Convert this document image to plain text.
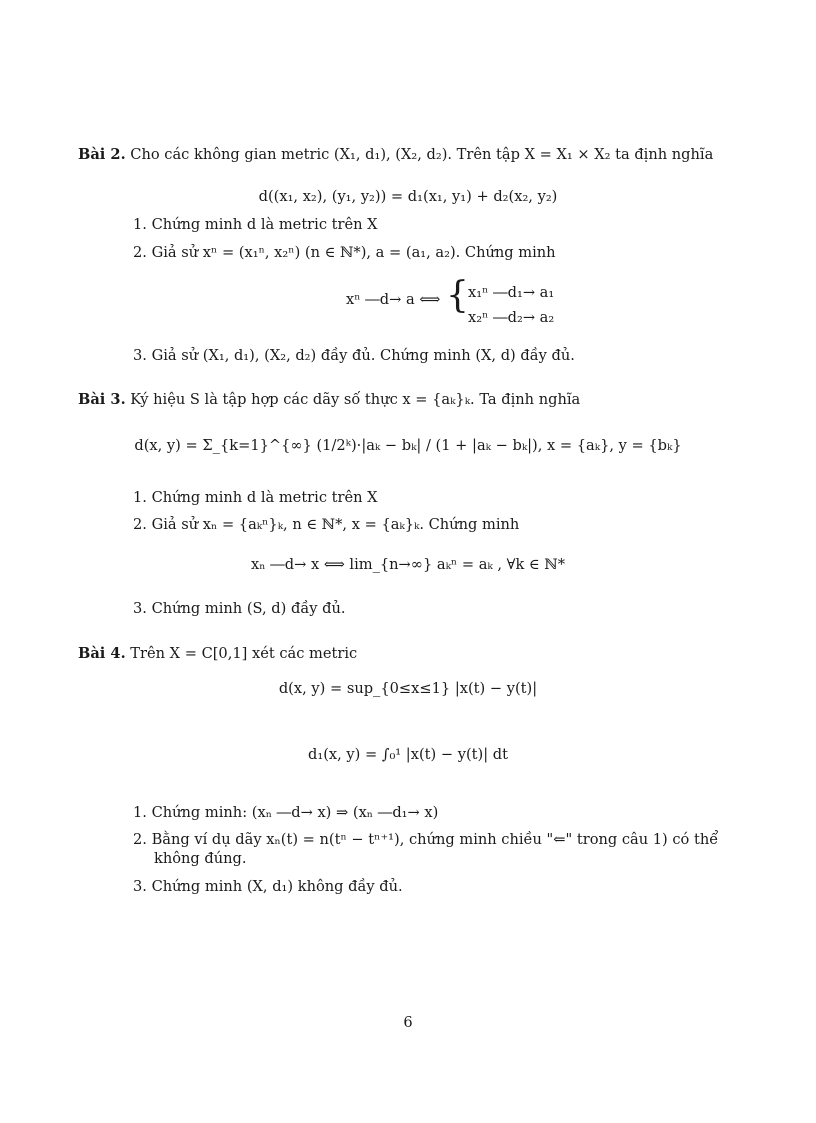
Bài 2. Cho các không gian metric (X₁, d₁), (X₂, d₂). Trên tập X = X₁ × X₂ ta định nghĩa
d((x₁, x₂), (y₁, y₂)) = d₁(x₁, y₁) + d₂(x₂, y₂)
1. Chứng minh d là metric trên X
2. Giả sử xⁿ = (x₁ⁿ, x₂ⁿ) (n ∈ ℕ*), a = (a₁, a₂). Chứng minh
xⁿ ―d→ a ⟺ { x₁ⁿ ―d₁→ a₁
x₂ⁿ ―d₂→ a₂
3. Giả sử (X₁, d₁), (X₂, d₂) đầy đủ. Chứng minh (X, d) đầy đủ.
Bài 3. Ký hiệu S là tập hợp các dãy số thực x = {aₖ}ₖ. Ta định nghĩa
d(x, y) = Σ_{k=1}^{∞} (1/2ᵏ)·|aₖ − bₖ| / (1 + |aₖ − bₖ|), x = {aₖ}, y = {bₖ}
1. Chứng minh d là metric trên X
2. Giả sử xₙ = {aₖⁿ}ₖ, n ∈ ℕ*, x = {aₖ}ₖ. Chứng minh
xₙ ―d→ x ⟺ lim_{n→∞} aₖⁿ = aₖ , ∀k ∈ ℕ*
3. Chứng minh (S, d) đầy đủ.
Bài 4. Trên X = C[0,1] xét các metric
d(x, y) = sup_{0≤x≤1} |x(t) − y(t)|
d₁(x, y) = ∫₀¹ |x(t) − y(t)| dt
1. Chứng minh: (xₙ ―d→ x) ⇒ (xₙ ―d₁→ x)
2. Bằng ví dụ dãy xₙ(t) = n(tⁿ − tⁿ⁺¹), chứng minh chiều "⇐" trong câu 1) có thể
không đúng.
3. Chứng minh (X, d₁) không đầy đủ.
6
